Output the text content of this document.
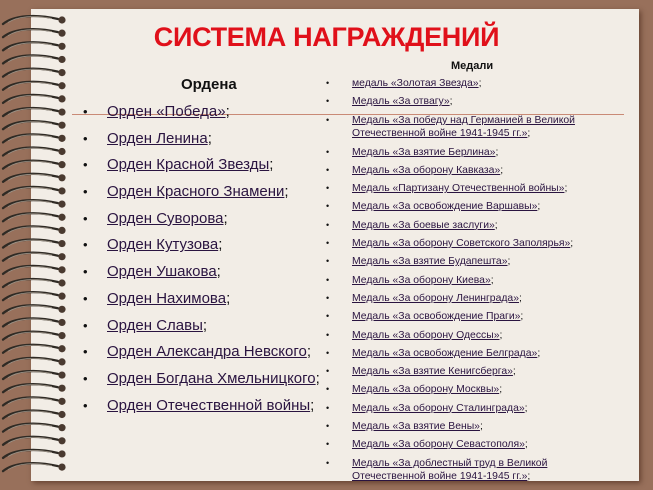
СИСТЕМА НАГРАЖДЕНИЙ
Ордена
• Орден «Победа»;
• Орден Ленина;
• Орден Красной Звезды;
• Орден Красного Знамени;
• Орден Суворова;
• Орден Кутузова;
• Орден Ушакова;
• Орден Нахимова;
• Орден Славы;
• Орден Александра Невского;
• Орден Богдана Хмельницкого;
• Орден Отечественной войны;
Медали
• медаль «Золотая Звезда»;
• Медаль «За отвагу»;
• Медаль «За победу над Германией в Великой Отечественной войне 1941-1945 гг.»;
• Медаль «За взятие Берлина»;
• Медаль «За оборону Кавказа»;
• Медаль «Партизану Отечественной войны»;
• Медаль «За освобождение Варшавы»;
• Медаль «За боевые заслуги»;
• Медаль «За оборону Советского Заполярья»;
• Медаль «За взятие Будапешта»;
• Медаль «За оборону Киева»;
• Медаль «За оборону Ленинграда»;
• Медаль «За освобождение Праги»;
• Медаль «За оборону Одессы»;
• Медаль «За освобождение Белграда»;
• Медаль «За взятие Кенигсберга»;
• Медаль «За оборону Москвы»;
• Медаль «За оборону Сталинграда»;
• Медаль «За взятие Вены»;
• Медаль «За оборону Севастополя»;
• Медаль «За доблестный труд в Великой Отечественной войне 1941-1945 гг.»;
